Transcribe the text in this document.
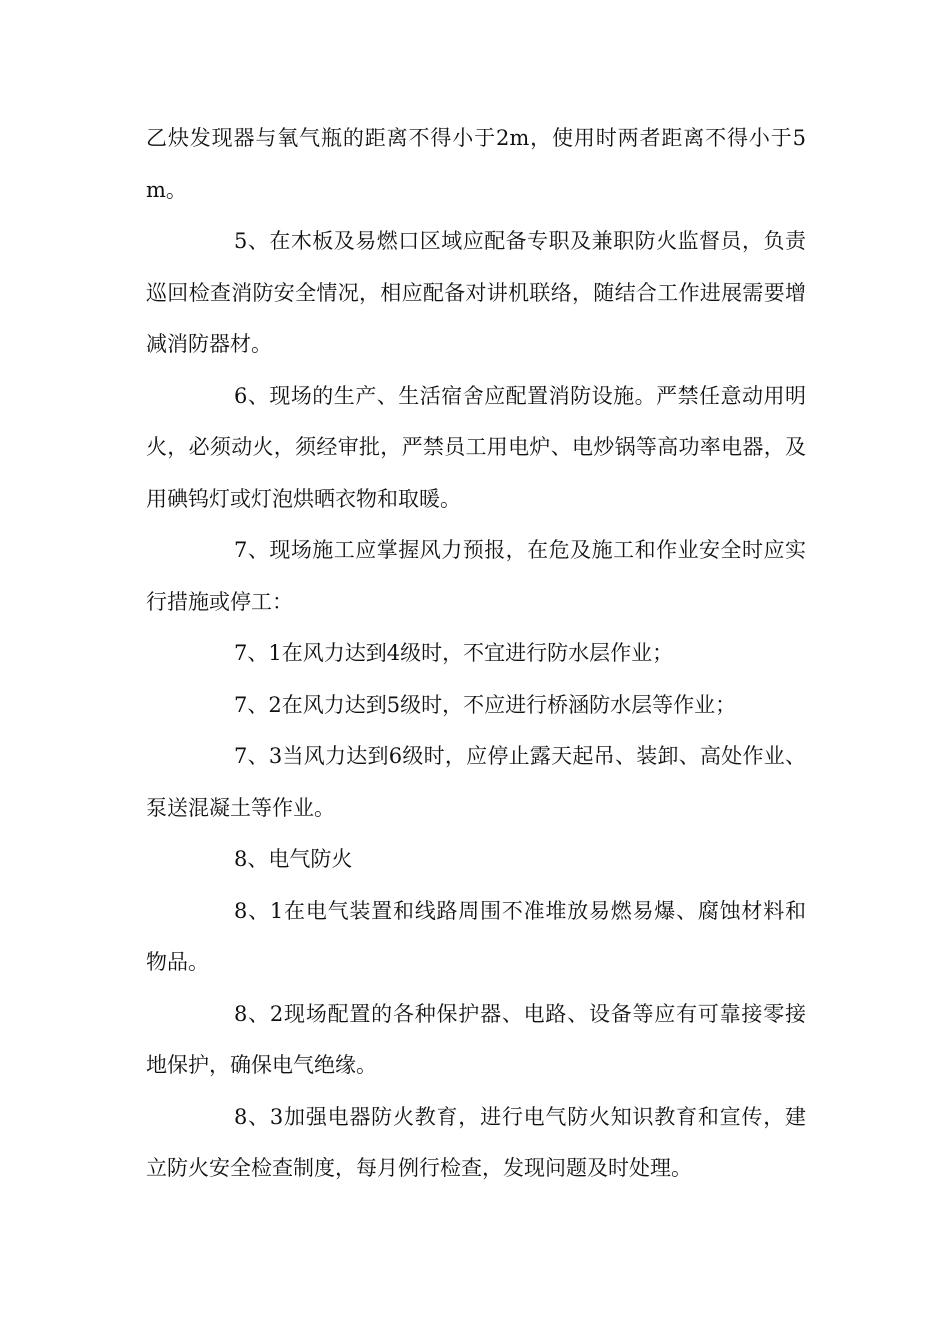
乙炔发现器与氧气瓶的距离不得小于2m，使用时两者距离不得小于5m。

5、在木板及易燃口区域应配备专职及兼职防火监督员，负责巡回检查消防安全情况，相应配备对讲机联络，随结合工作进展需要增减消防器材。

6、现场的生产、生活宿舍应配置消防设施。严禁任意动用明火，必须动火，须经审批，严禁员工用电炉、电炒锅等高功率电器，及用碘钨灯或灯泡烘晒衣物和取暖。

7、现场施工应掌握风力预报，在危及施工和作业安全时应实行措施或停工：

7、1在风力达到4级时，不宜进行防水层作业；

7、2在风力达到5级时，不应进行桥涵防水层等作业；

7、3当风力达到6级时，应停止露天起吊、装卸、高处作业、泵送混凝土等作业。

8、电气防火

8、1在电气装置和线路周围不准堆放易燃易爆、腐蚀材料和物品。

8、2现场配置的各种保护器、电路、设备等应有可靠接零接地保护，确保电气绝缘。

8、3加强电器防火教育，进行电气防火知识教育和宣传，建立防火安全检查制度，每月例行检查，发现问题及时处理。
